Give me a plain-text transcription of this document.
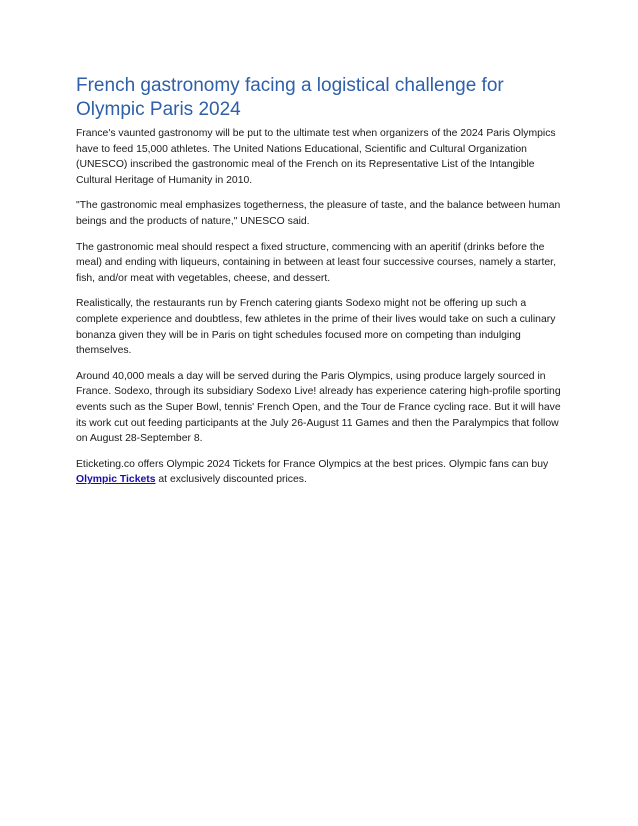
French gastronomy facing a logistical challenge for Olympic Paris 2024

France's vaunted gastronomy will be put to the ultimate test when organizers of the 2024 Paris Olympics have to feed 15,000 athletes. The United Nations Educational, Scientific and Cultural Organization (UNESCO) inscribed the gastronomic meal of the French on its Representative List of the Intangible Cultural Heritage of Humanity in 2010.

"The gastronomic meal emphasizes togetherness, the pleasure of taste, and the balance between human beings and the products of nature," UNESCO said.

The gastronomic meal should respect a fixed structure, commencing with an aperitif (drinks before the meal) and ending with liqueurs, containing in between at least four successive courses, namely a starter, fish, and/or meat with vegetables, cheese, and dessert.

Realistically, the restaurants run by French catering giants Sodexo might not be offering up such a complete experience and doubtless, few athletes in the prime of their lives would take on such a culinary bonanza given they will be in Paris on tight schedules focused more on competing than indulging themselves.

Around 40,000 meals a day will be served during the Paris Olympics, using produce largely sourced in France. Sodexo, through its subsidiary Sodexo Live! already has experience catering high-profile sporting events such as the Super Bowl, tennis' French Open, and the Tour de France cycling race. But it will have its work cut out feeding participants at the July 26-August 11 Games and then the Paralympics that follow on August 28-September 8.

Eticketing.co offers Olympic 2024 Tickets for France Olympics at the best prices. Olympic fans can buy Olympic Tickets at exclusively discounted prices.
